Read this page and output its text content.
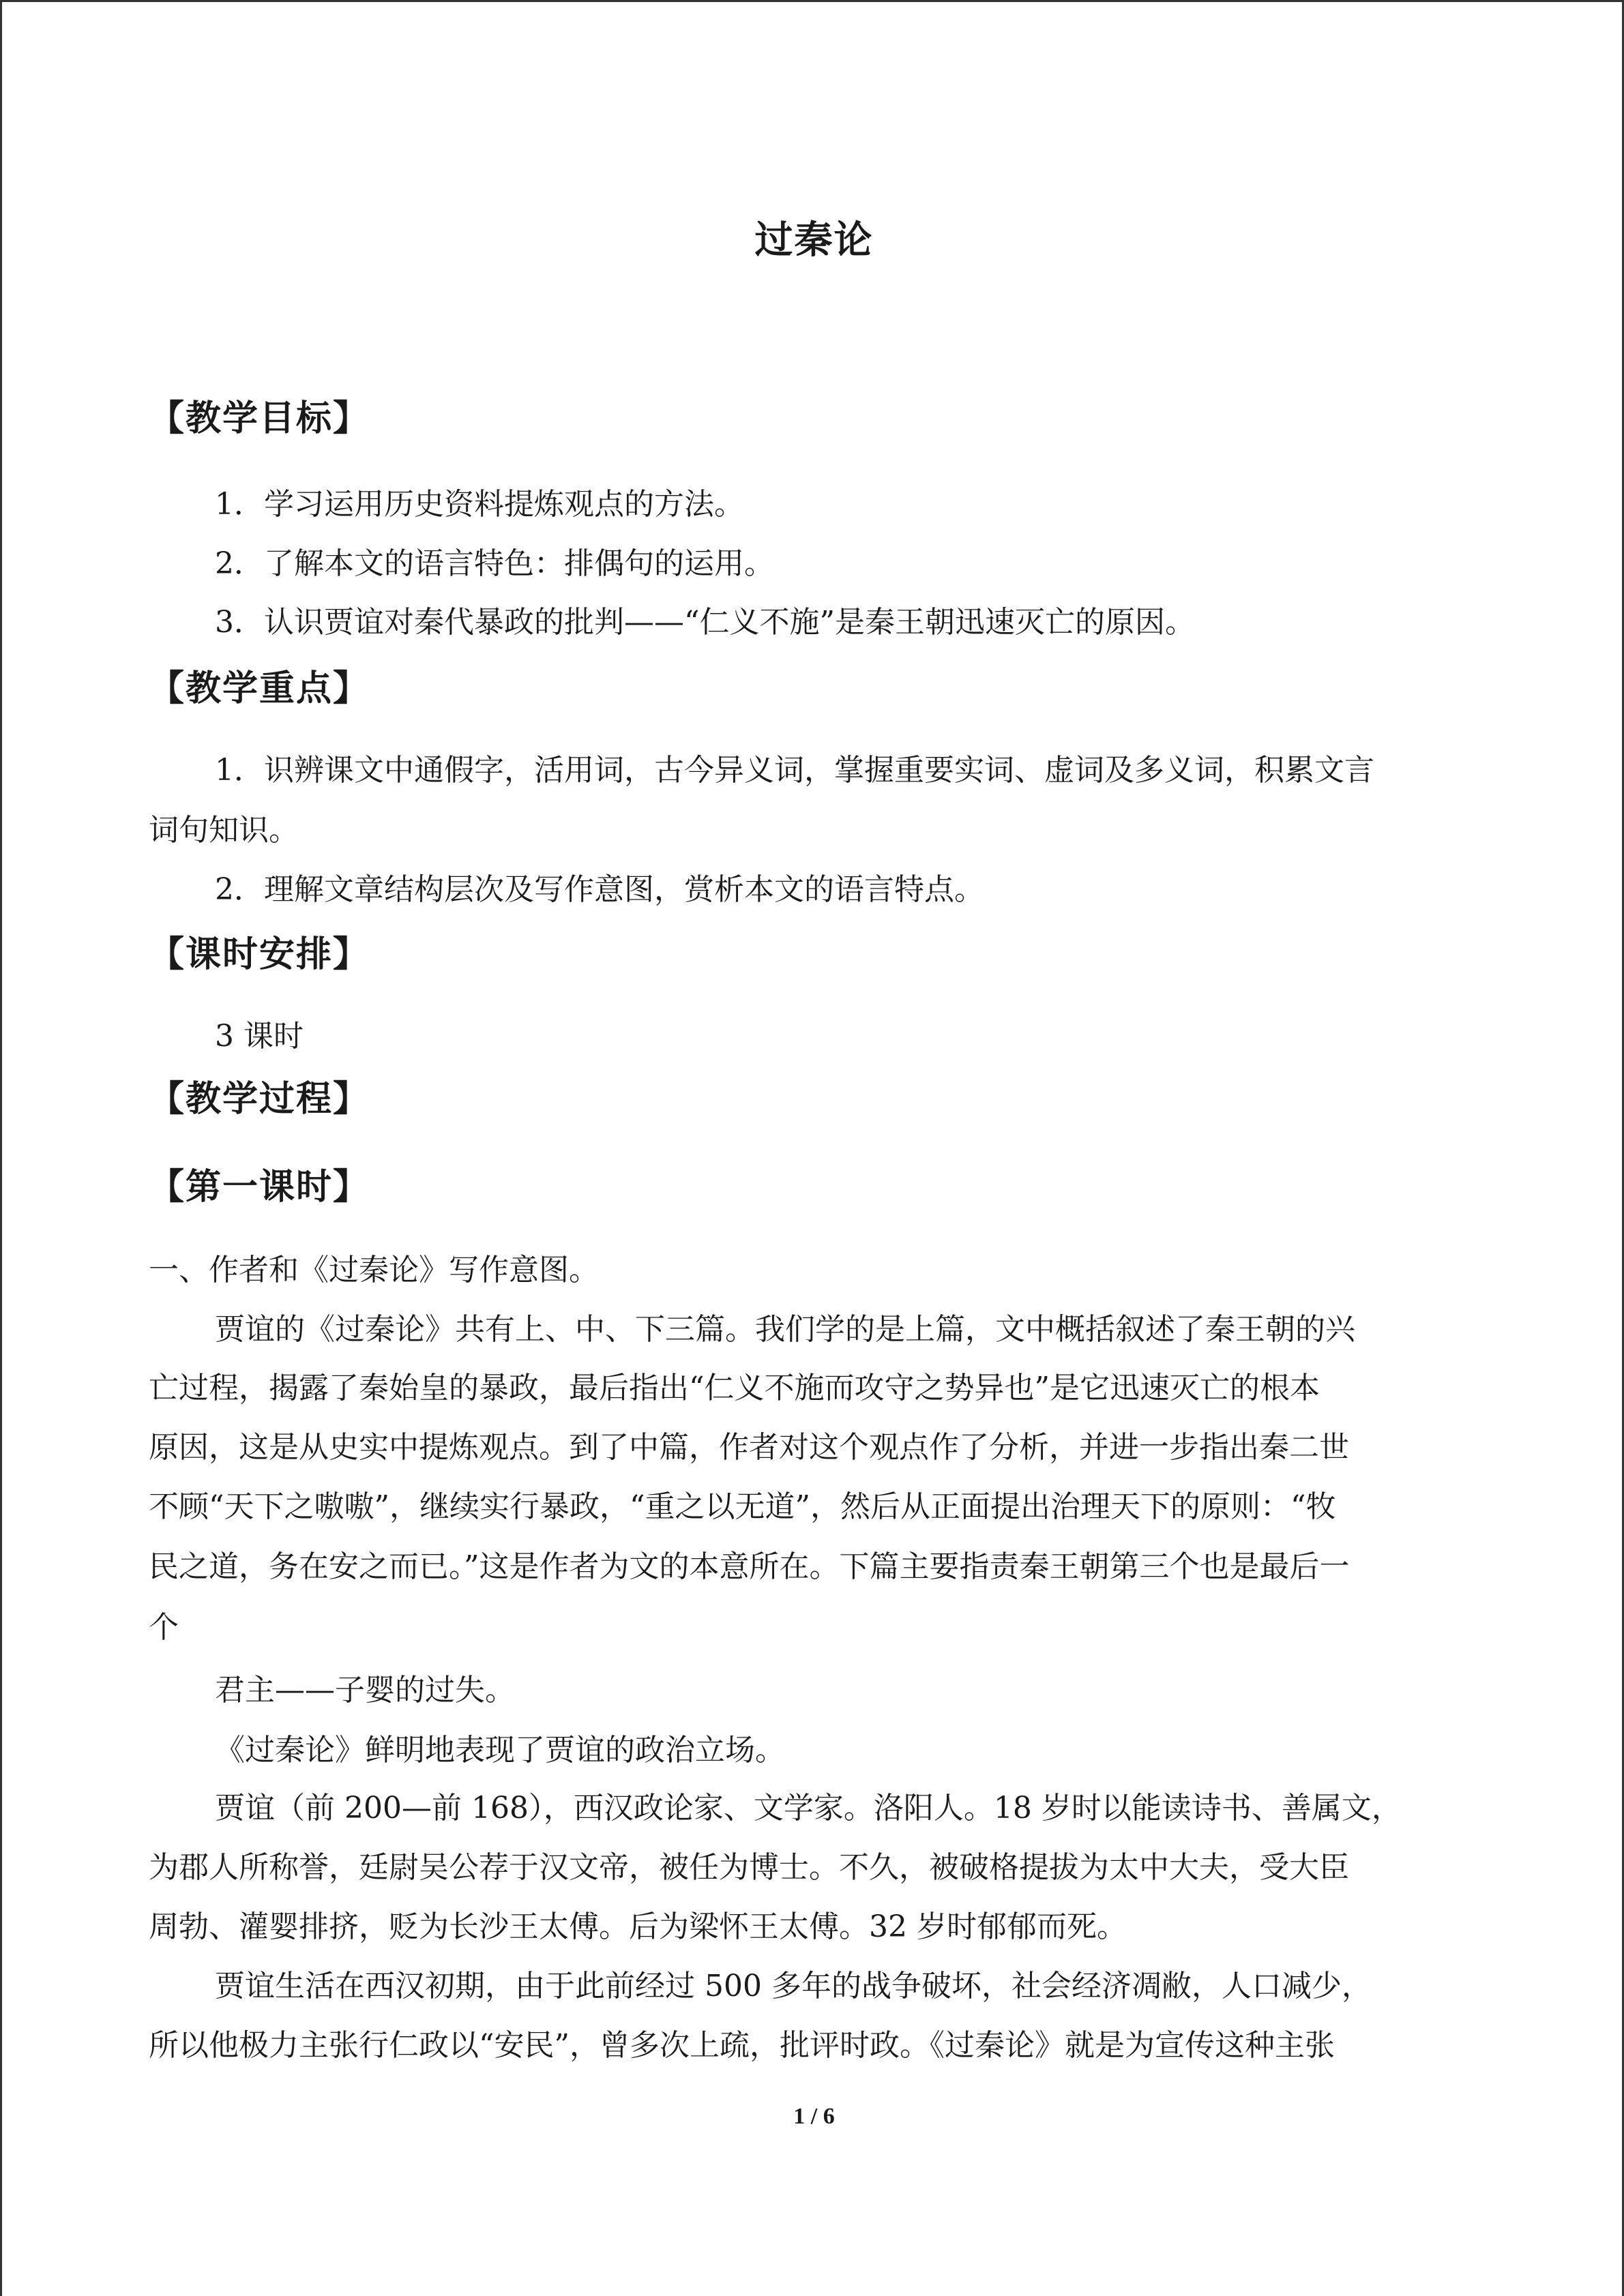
过秦论
【教学目标】
1．学习运用历史资料提炼观点的方法。
2．了解本文的语言特色：排偶句的运用。
3．认识贾谊对秦代暴政的批判——“仁义不施”是秦王朝迅速灭亡的原因。
【教学重点】
1．识辨课文中通假字，活用词，古今异义词，掌握重要实词、虚词及多义词，积累文言
词句知识。
2．理解文章结构层次及写作意图，赏析本文的语言特点。
【课时安排】
3 课时
【教学过程】
【第一课时】
一、作者和《过秦论》写作意图。
贾谊的《过秦论》共有上、中、下三篇。我们学的是上篇，文中概括叙述了秦王朝的兴
亡过程，揭露了秦始皇的暴政，最后指出“仁义不施而攻守之势异也”是它迅速灭亡的根本
原因，这是从史实中提炼观点。到了中篇，作者对这个观点作了分析，并进一步指出秦二世
不顾“天下之嗷嗷”，继续实行暴政，“重之以无道”，然后从正面提出治理天下的原则：“牧
民之道，务在安之而已。”这是作者为文的本意所在。下篇主要指责秦王朝第三个也是最后一
个
君主——子婴的过失。
《过秦论》鲜明地表现了贾谊的政治立场。
贾谊（前 200—前 168），西汉政论家、文学家。洛阳人。18 岁时以能读诗书、善属文，
为郡人所称誉，廷尉吴公荐于汉文帝，被任为博士。不久，被破格提拔为太中大夫，受大臣
周勃、灌婴排挤，贬为长沙王太傅。后为梁怀王太傅。32 岁时郁郁而死。
贾谊生活在西汉初期，由于此前经过 500 多年的战争破坏，社会经济凋敝，人口减少，
所以他极力主张行仁政以“安民”，曾多次上疏，批评时政。《过秦论》就是为宣传这种主张
1 / 6
